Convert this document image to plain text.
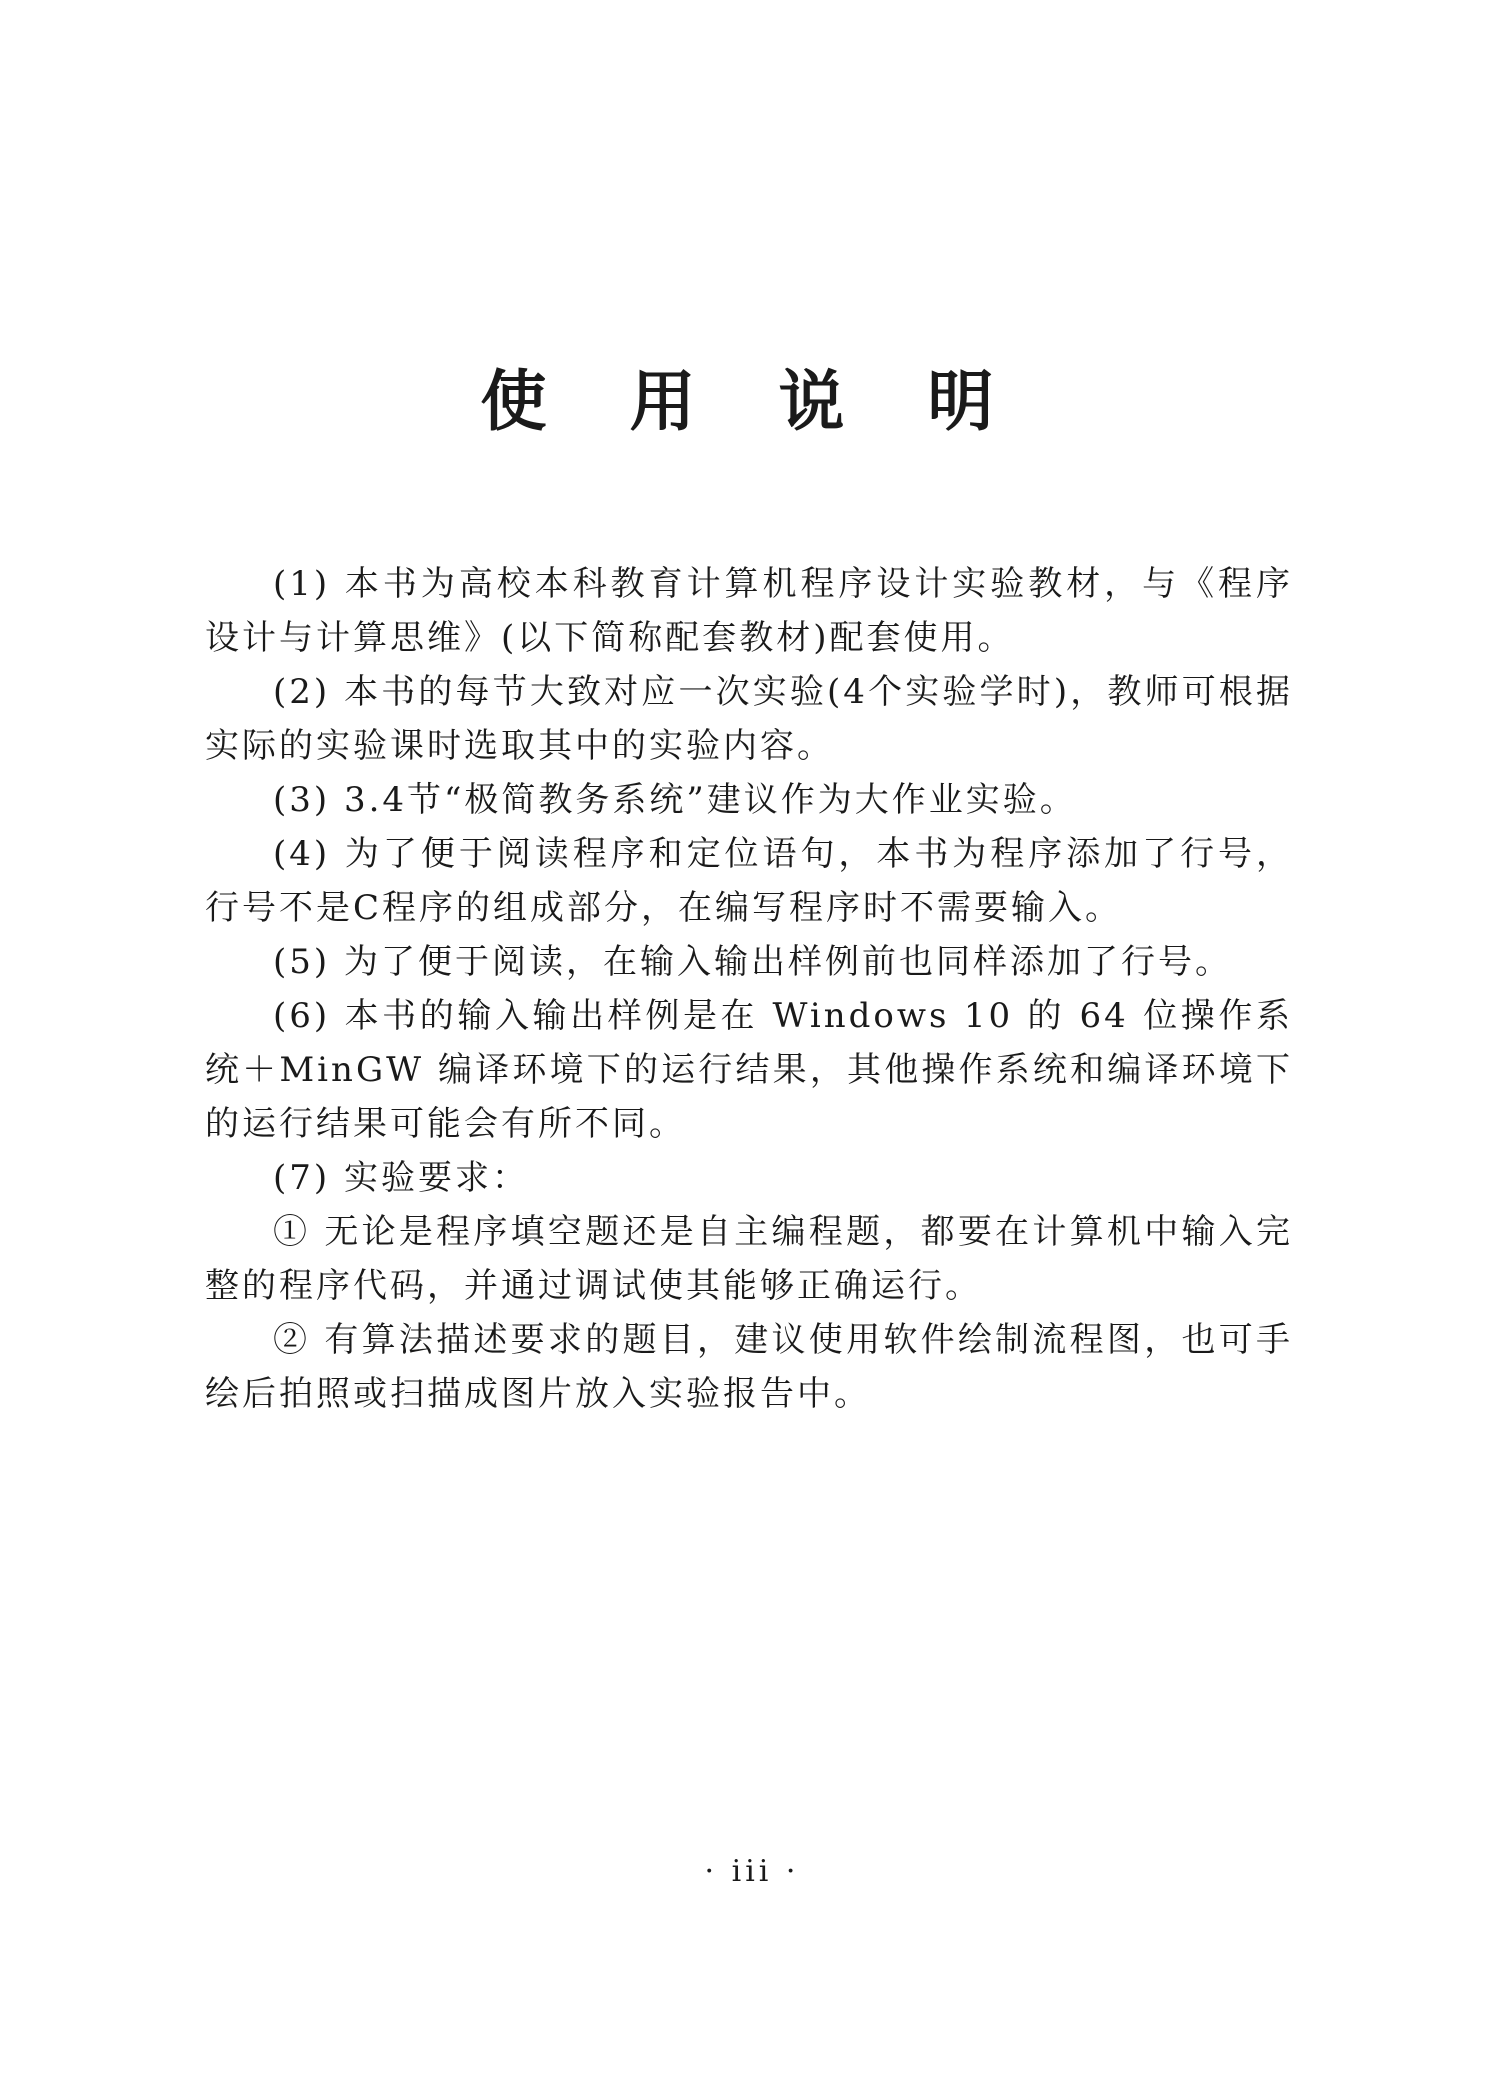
使 用 说 明

(1) 本书为高校本科教育计算机程序设计实验教材，与《程序设计与计算思维》(以下简称配套教材)配套使用。

(2) 本书的每节大致对应一次实验(4个实验学时)，教师可根据实际的实验课时选取其中的实验内容。

(3) 3.4节“极简教务系统”建议作为大作业实验。

(4) 为了便于阅读程序和定位语句，本书为程序添加了行号，行号不是C程序的组成部分，在编写程序时不需要输入。

(5) 为了便于阅读，在输入输出样例前也同样添加了行号。

(6) 本书的输入输出样例是在 Windows 10 的 64 位操作系统＋MinGW 编译环境下的运行结果，其他操作系统和编译环境下的运行结果可能会有所不同。

(7) 实验要求：

① 无论是程序填空题还是自主编程题，都要在计算机中输入完整的程序代码，并通过调试使其能够正确运行。

② 有算法描述要求的题目，建议使用软件绘制流程图，也可手绘后拍照或扫描成图片放入实验报告中。

· iii ·
